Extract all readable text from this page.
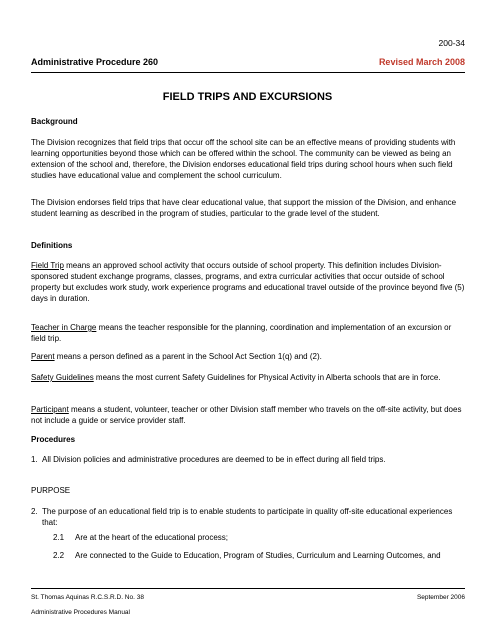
200-34
Administrative Procedure 260	Revised March 2008
FIELD TRIPS AND EXCURSIONS
Background
The Division recognizes that field trips that occur off the school site can be an effective means of providing students with learning opportunities beyond those which can be offered within the school. The community can be viewed as being an extension of the school and, therefore, the Division endorses educational field trips during school hours when such field studies have educational value and complement the school curriculum.
The Division endorses field trips that have clear educational value, that support the mission of the Division, and enhance student learning as described in the program of studies, particular to the grade level of the student.
Definitions
Field Trip means an approved school activity that occurs outside of school property. This definition includes Division-sponsored student exchange programs, classes, programs, and extra curricular activities that occur outside of school property but excludes work study, work experience programs and educational travel outside of the province beyond five (5) days in duration.
Teacher in Charge means the teacher responsible for the planning, coordination and implementation of an excursion or field trip.
Parent means a person defined as a parent in the School Act Section 1(q) and (2).
Safety Guidelines means the most current Safety Guidelines for Physical Activity in Alberta schools that are in force.
Participant means a student, volunteer, teacher or other Division staff member who travels on the off-site activity, but does not include a guide or service provider staff.
Procedures
1. All Division policies and administrative procedures are deemed to be in effect during all field trips.
PURPOSE
2. The purpose of an educational field trip is to enable students to participate in quality off-site educational experiences that:
2.1 Are at the heart of the educational process;
2.2 Are connected to the Guide to Education, Program of Studies, Curriculum and Learning Outcomes, and
St. Thomas Aquinas R.C.S.R.D. No. 38	September 2006
Administrative Procedures Manual
